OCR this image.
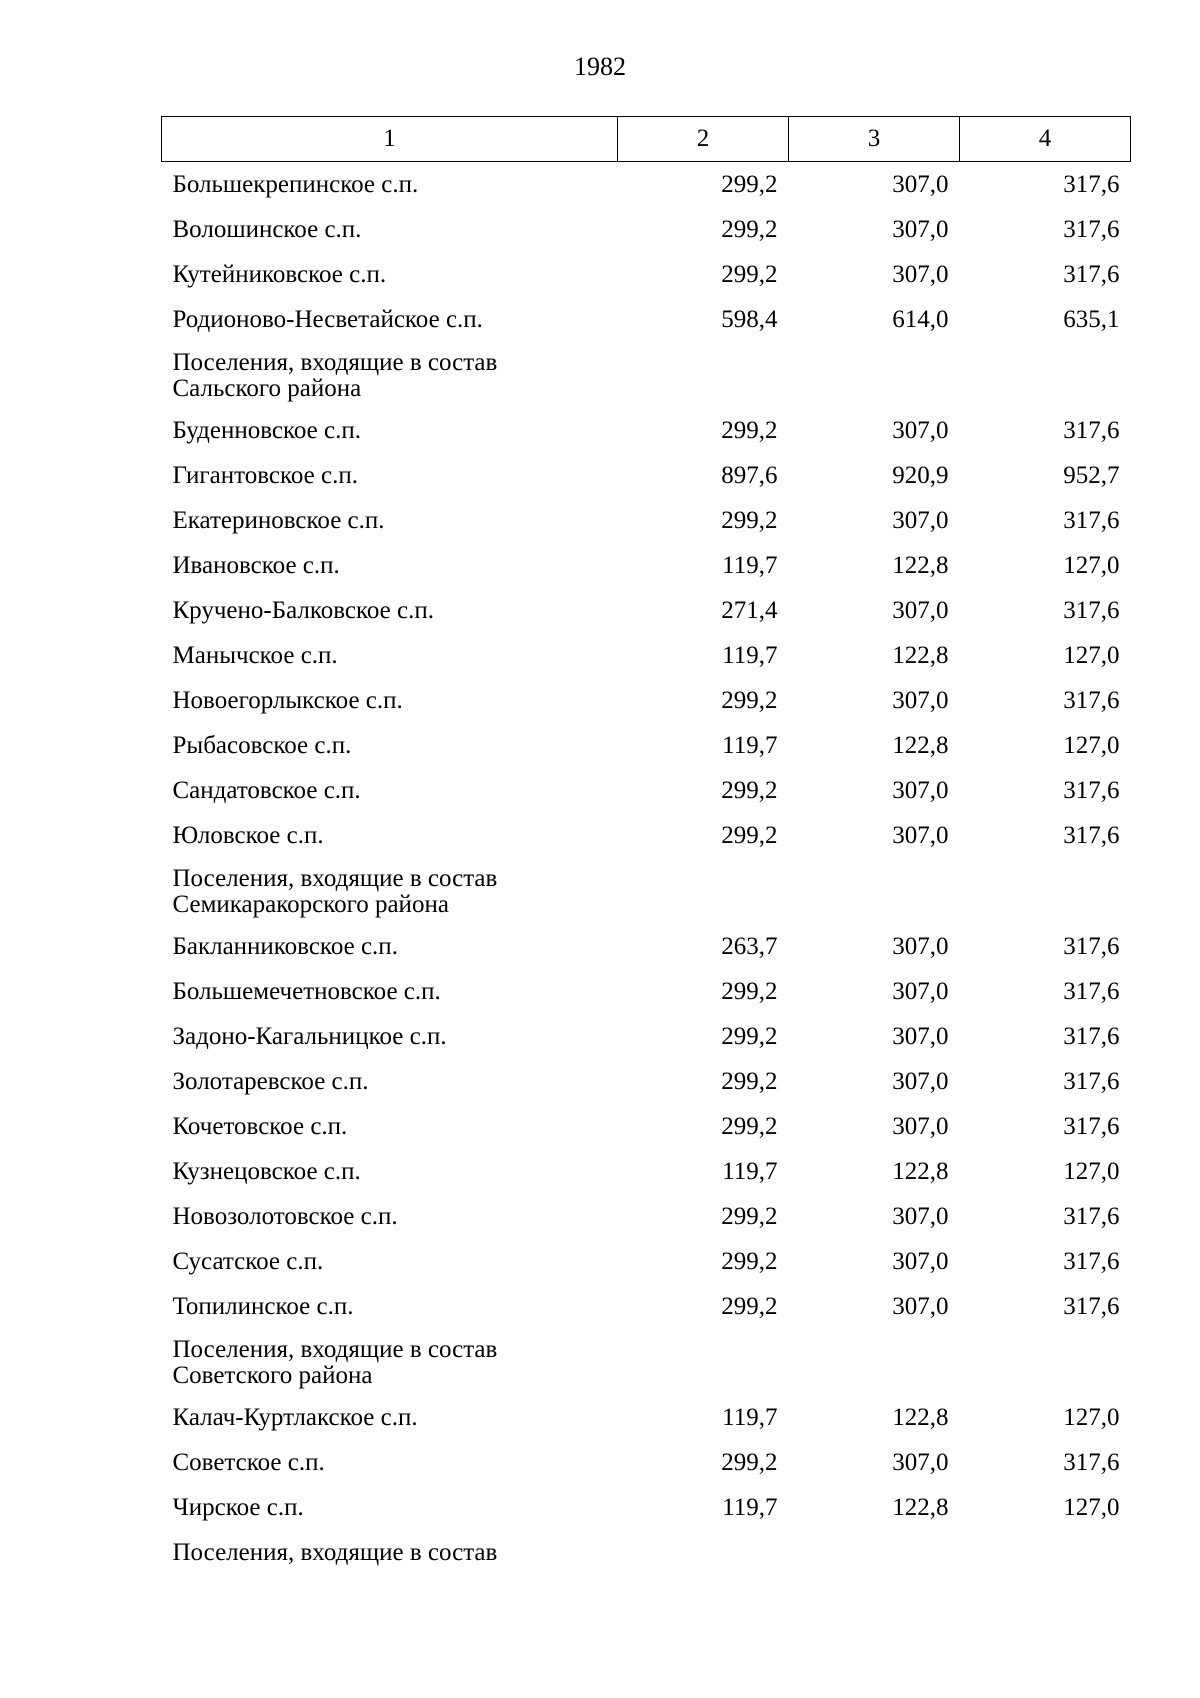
1982
1	2	3	4
Большекрепинское с.п.	299,2	307,0	317,6
Волошинское с.п.	299,2	307,0	317,6
Кутейниковское с.п.	299,2	307,0	317,6
Родионово-Несветайское с.п.	598,4	614,0	635,1
Поселения, входящие в состав
Сальского района			
Буденновское с.п.	299,2	307,0	317,6
Гигантовское с.п.	897,6	920,9	952,7
Екатериновское с.п.	299,2	307,0	317,6
Ивановское с.п.	119,7	122,8	127,0
Кручено-Балковское с.п.	271,4	307,0	317,6
Манычское с.п.	119,7	122,8	127,0
Новоегорлыкское с.п.	299,2	307,0	317,6
Рыбасовское с.п.	119,7	122,8	127,0
Сандатовское с.п.	299,2	307,0	317,6
Юловское с.п.	299,2	307,0	317,6
Поселения, входящие в состав
Семикаракорского района			
Бакланниковское с.п.	263,7	307,0	317,6
Большемечетновское с.п.	299,2	307,0	317,6
Задоно-Кагальницкое с.п.	299,2	307,0	317,6
Золотаревское с.п.	299,2	307,0	317,6
Кочетовское с.п.	299,2	307,0	317,6
Кузнецовское с.п.	119,7	122,8	127,0
Новозолотовское с.п.	299,2	307,0	317,6
Сусатское с.п.	299,2	307,0	317,6
Топилинское с.п.	299,2	307,0	317,6
Поселения, входящие в состав
Советского района			
Калач-Куртлакское с.п.	119,7	122,8	127,0
Советское с.п.	299,2	307,0	317,6
Чирское с.п.	119,7	122,8	127,0
Поселения, входящие в состав			
